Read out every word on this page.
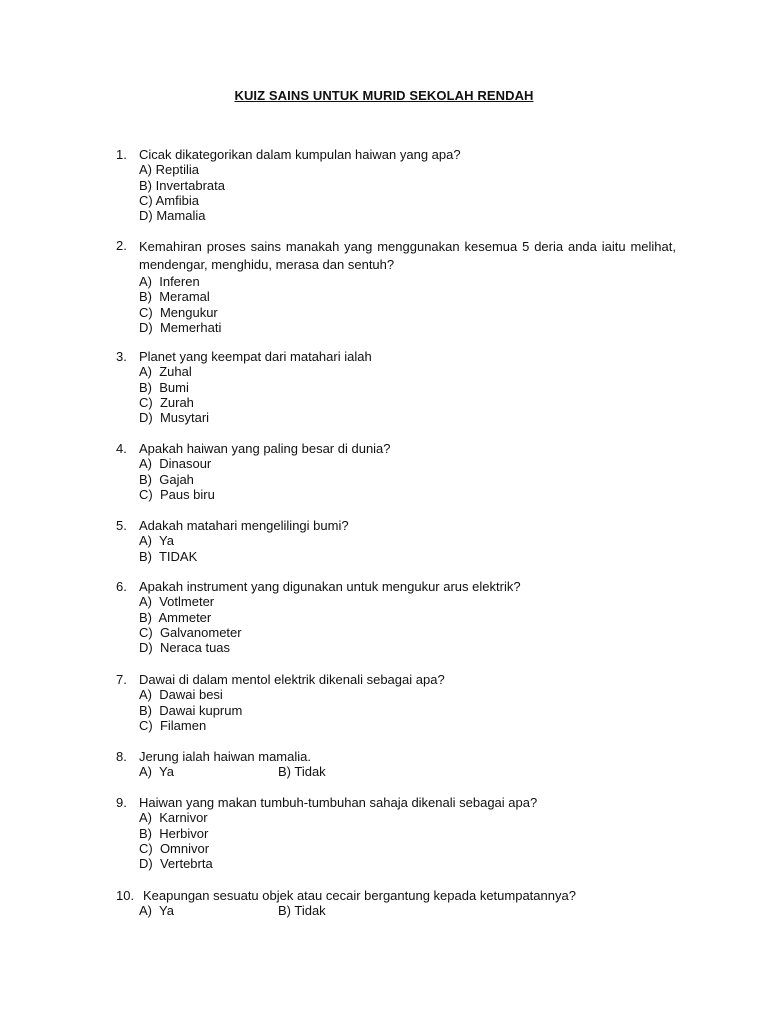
KUIZ SAINS UNTUK MURID SEKOLAH RENDAH
1. Cicak dikategorikan dalam kumpulan haiwan yang apa?
A) Reptilia
B) Invertabrata
C) Amfibia
D) Mamalia
2. Kemahiran proses sains manakah yang menggunakan kesemua 5 deria anda iaitu melihat, mendengar, menghidu, merasa dan sentuh?
A)  Inferen
B)  Meramal
C)  Mengukur
D)  Memerhati
3. Planet yang keempat dari matahari ialah
A)  Zuhal
B)  Bumi
C)  Zurah
D)  Musytari
4. Apakah haiwan yang paling besar di dunia?
A)  Dinasour
B)  Gajah
C)  Paus biru
5. Adakah matahari mengelilingi bumi?
A)  Ya
B)  TIDAK
6. Apakah instrument yang digunakan untuk mengukur arus elektrik?
A)  Votlmeter
B)  Ammeter
C)  Galvanometer
D)  Neraca tuas
7. Dawai di dalam mentol elektrik dikenali sebagai apa?
A)  Dawai besi
B)  Dawai kuprum
C)  Filamen
8. Jerung ialah haiwan mamalia.
A)  Ya	B) Tidak
9. Haiwan yang makan tumbuh-tumbuhan sahaja dikenali sebagai apa?
A)  Karnivor
B)  Herbivor
C)  Omnivor
D)  Vertebrta
10. Keapungan sesuatu objek atau cecair bergantung kepada ketumpatannya?
A)  Ya	B) Tidak
